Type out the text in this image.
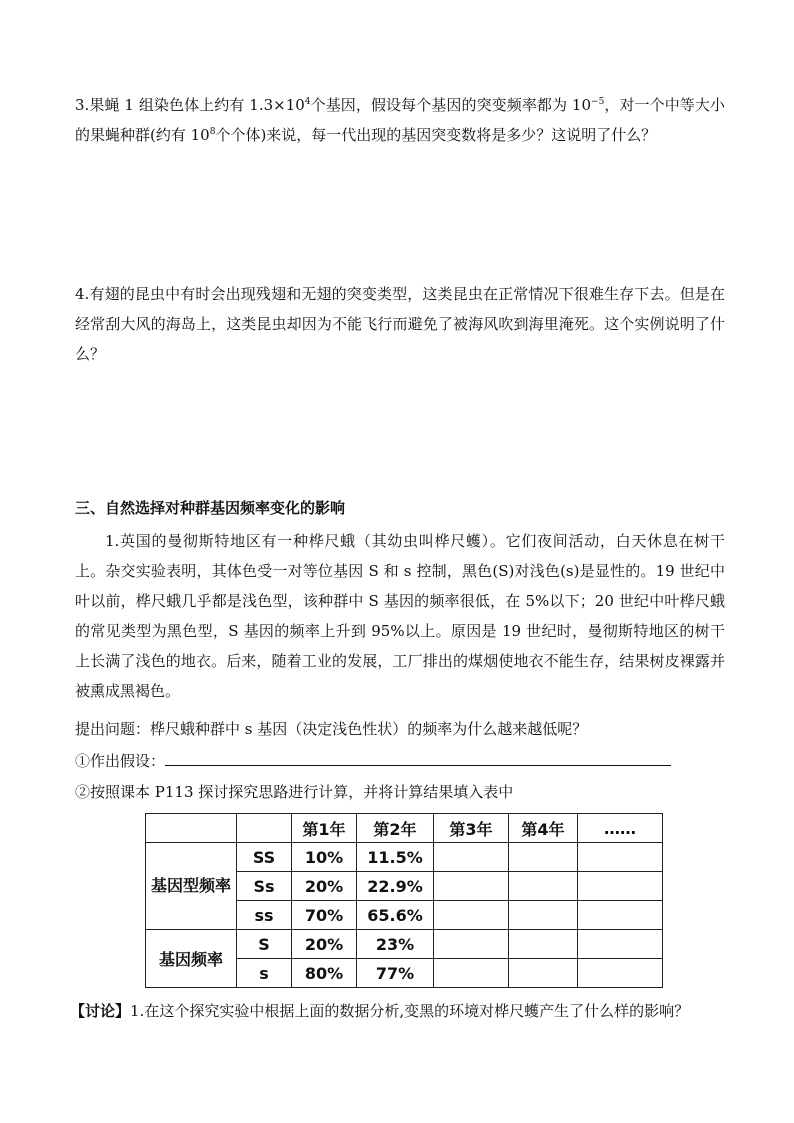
3.果蝇 1 组染色体上约有 $1.3\times 10^4$个基因，假设每个基因的突变频率都为 $10^{-5}$，对一个中等大小的果蝇种群(约有 $10^8$个个体)来说，每一代出现的基因突变数将是多少？这说明了什么？

4.有翅的昆虫中有时会出现残翅和无翅的突变类型，这类昆虫在正常情况下很难生存下去。但是在经常刮大风的海岛上，这类昆虫却因为不能飞行而避免了被海风吹到海里淹死。这个实例说明了什么？

三、自然选择对种群基因频率变化的影响

1.英国的曼彻斯特地区有一种桦尺蛾（其幼虫叫桦尺蠖）。它们夜间活动，白天休息在树干上。杂交实验表明，其体色受一对等位基因 S 和 s 控制，黑色(S)对浅色(s)是显性的。19 世纪中叶以前，桦尺蛾几乎都是浅色型，该种群中 S 基因的频率很低，在 5%以下；20 世纪中叶桦尺蛾的常见类型为黑色型，S 基因的频率上升到 95%以上。原因是 19 世纪时，曼彻斯特地区的树干上长满了浅色的地衣。后来，随着工业的发展，工厂排出的煤烟使地衣不能生存，结果树皮裸露并被熏成黑褐色。

提出问题：桦尺蛾种群中 s 基因（决定浅色性状）的频率为什么越来越低呢？

①作出假设：

②按照课本 P113 探讨探究思路进行计算，并将计算结果填入表中

		第1年	第2年	第3年	第4年	……
基因型频率	SS	10%	11.5%			
	Ss	20%	22.9%			
	ss	70%	65.6%			
基因频率	S	20%	23%			
	s	80%	77%			

【讨论】1.在这个探究实验中根据上面的数据分析,变黑的环境对桦尺蠖产生了什么样的影响？
